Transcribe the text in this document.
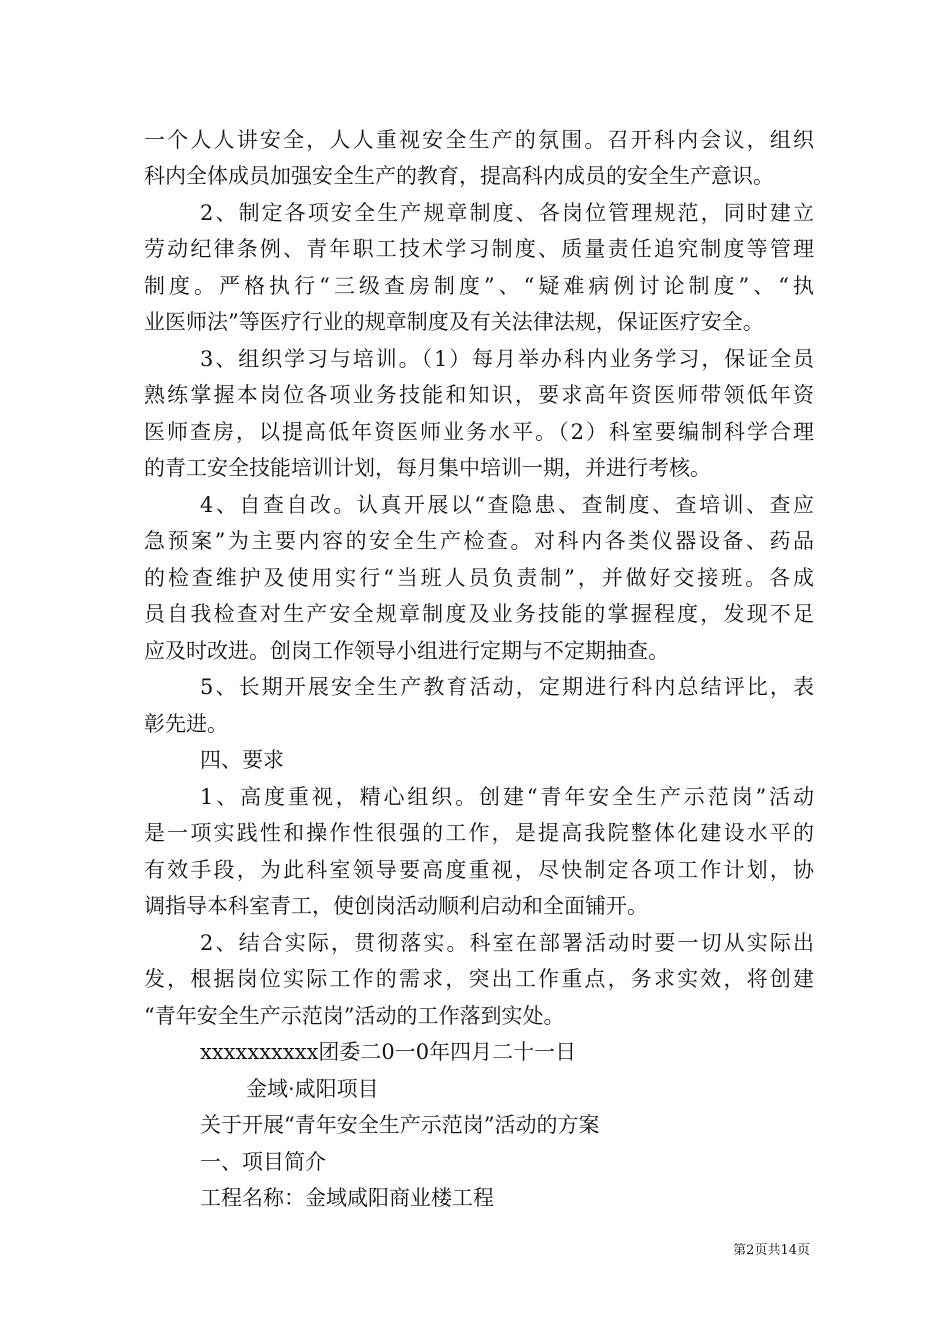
一个人人讲安全，人人重视安全生产的氛围。召开科内会议，组织
科内全体成员加强安全生产的教育，提高科内成员的安全生产意识。
2、制定各项安全生产规章制度、各岗位管理规范，同时建立
劳动纪律条例、青年职工技术学习制度、质量责任追究制度等管理
制度。严格执行“三级查房制度”、“疑难病例讨论制度”、“执
业医师法”等医疗行业的规章制度及有关法律法规，保证医疗安全。
3、组织学习与培训。（1）每月举办科内业务学习，保证全员
熟练掌握本岗位各项业务技能和知识，要求高年资医师带领低年资
医师查房，以提高低年资医师业务水平。（2）科室要编制科学合理
的青工安全技能培训计划，每月集中培训一期，并进行考核。
4、自查自改。认真开展以“查隐患、查制度、查培训、查应
急预案”为主要内容的安全生产检查。对科内各类仪器设备、药品
的检查维护及使用实行“当班人员负责制”，并做好交接班。各成
员自我检查对生产安全规章制度及业务技能的掌握程度，发现不足
应及时改进。创岗工作领导小组进行定期与不定期抽查。
5、长期开展安全生产教育活动，定期进行科内总结评比，表
彰先进。
四、要求
1、高度重视，精心组织。创建“青年安全生产示范岗”活动
是一项实践性和操作性很强的工作，是提高我院整体化建设水平的
有效手段，为此科室领导要高度重视，尽快制定各项工作计划，协
调指导本科室青工，使创岗活动顺利启动和全面铺开。
2、结合实际，贯彻落实。科室在部署活动时要一切从实际出
发，根据岗位实际工作的需求，突出工作重点，务求实效，将创建
“青年安全生产示范岗”活动的工作落到实处。
xxxxxxxxxx团委二0一0年四月二十一日
金域·咸阳项目
关于开展“青年安全生产示范岗”活动的方案
一、项目简介
工程名称：金域咸阳商业楼工程
第2页共14页
